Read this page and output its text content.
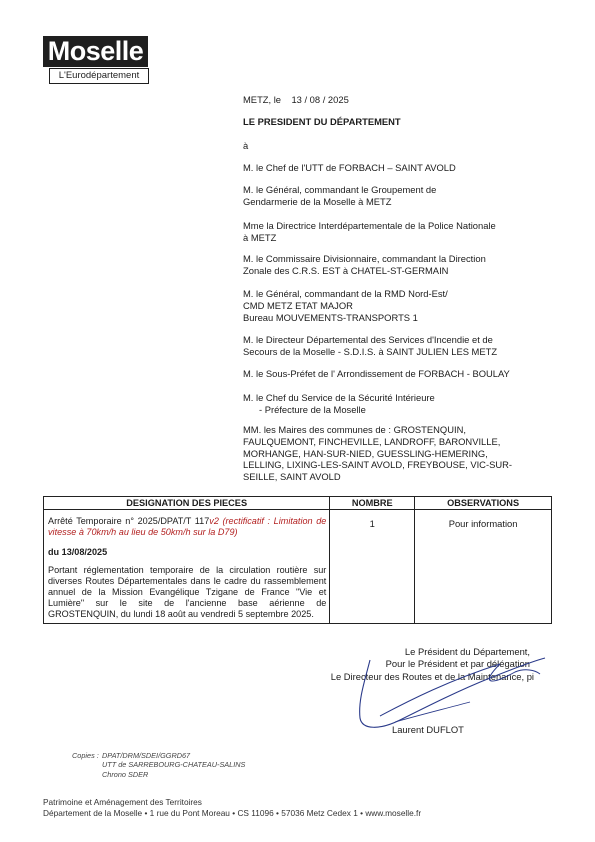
Moselle
L'Eurodépartement
METZ, le    13 / 08 / 2025
LE PRESIDENT DU DÉPARTEMENT
à
M. le Chef de l'UTT de FORBACH – SAINT AVOLD
M. le Général, commandant le Groupement de
Gendarmerie de la Moselle à METZ
Mme la Directrice Interdépartementale de la Police Nationale
à METZ
M. le Commissaire Divisionnaire, commandant la Direction
Zonale des C.R.S. EST à CHATEL-ST-GERMAIN
M. le Général, commandant de la RMD Nord-Est/
CMD METZ ETAT MAJOR
Bureau MOUVEMENTS-TRANSPORTS 1
M. le Directeur Départemental des Services d'Incendie et de
Secours de la Moselle - S.D.I.S. à SAINT JULIEN LES METZ
M. le Sous-Préfet de l' Arrondissement de FORBACH - BOULAY
M. le Chef du Service de la Sécurité Intérieure
- Préfecture de la Moselle
MM. les Maires des communes de : GROSTENQUIN,
FAULQUEMONT, FINCHEVILLE, LANDROFF, BARONVILLE,
MORHANGE, HAN-SUR-NIED, GUESSLING-HEMERING,
LELLING, LIXING-LES-SAINT AVOLD, FREYBOUSE, VIC-SUR-
SEILLE, SAINT AVOLD
DESIGNATION DES PIECES	NOMBRE	OBSERVATIONS

Arrêté Temporaire n° 2025/DPAT/T 117v2 (rectificatif : Limitation de vitesse à 70km/h au lieu de 50km/h sur la D79)
du 13/08/2025
Portant réglementation temporaire de la circulation routière sur diverses Routes Départementales dans le cadre du rassemblement annuel de la Mission Evangélique Tzigane de France "Vie et Lumière" sur le site de l'ancienne base aérienne de GROSTENQUIN, du lundi 18 août au vendredi 5 septembre 2025.	1	Pour information
Le Président du Département,
Pour le Président et par délégation
Le Directeur des Routes et de la Maintenance, pi
Laurent DUFLOT
Copies : DPAT/DRM/SDEI/GGRD67
UTT de SARREBOURG-CHATEAU-SALINS
Chrono SDER
Patrimoine et Aménagement des Territoires
Département de la Moselle • 1 rue du Pont Moreau • CS 11096 • 57036 Metz Cedex 1 • www.moselle.fr
